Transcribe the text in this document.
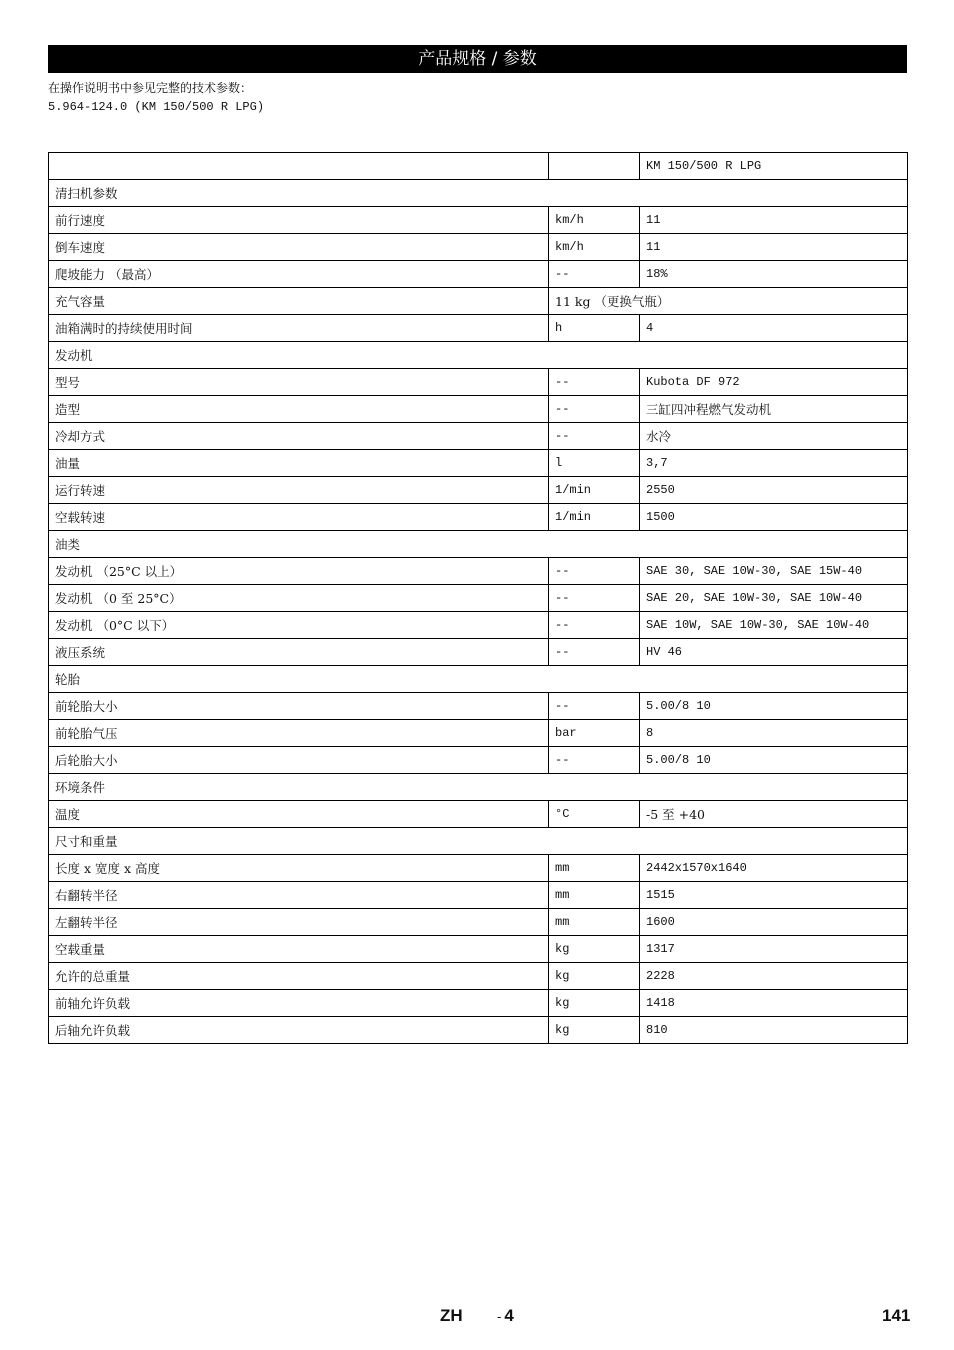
产品规格 / 参数
在操作说明书中参见完整的技术参数：
5.964-124.0 (KM 150/500 R LPG)
		KM 150/500 R LPG
清扫机参数		
前行速度	km/h	11
倒车速度	km/h	11
爬坡能力 （最高）	--	18%
充气容量	11 kg （更换气瓶）	
油箱满时的持续使用时间	h	4
发动机		
型号	--	Kubota DF 972
造型	--	三缸四冲程燃气发动机
冷却方式	--	水冷
油量	l	3,7
运行转速	1/min	2550
空载转速	1/min	1500
油类		
发动机 （25°C 以上）	--	SAE 30, SAE 10W-30, SAE 15W-40
发动机 （0 至 25°C）	--	SAE 20, SAE 10W-30, SAE 10W-40
发动机 （0°C 以下）	--	SAE 10W, SAE 10W-30, SAE 10W-40
液压系统	--	HV 46
轮胎		
前轮胎大小	--	5.00/8 10
前轮胎气压	bar	8
后轮胎大小	--	5.00/8 10
环境条件		
温度	°C	-5 至 +40
尺寸和重量		
长度 x 宽度 x 高度	mm	2442x1570x1640
右翻转半径	mm	1515
左翻转半径	mm	1600
空载重量	kg	1317
允许的总重量	kg	2228
前轴允许负载	kg	1418
后轴允许负载	kg	810
ZH	- 4	141
